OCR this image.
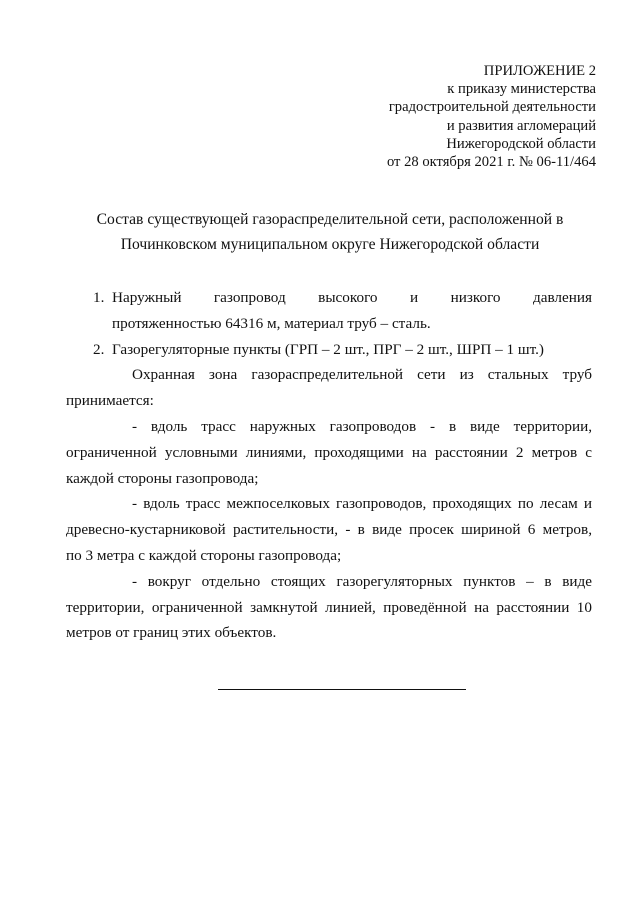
ПРИЛОЖЕНИЕ 2
к приказу министерства
градостроительной деятельности
и развития агломераций
Нижегородской области
от 28 октября 2021 г. № 06-11/464
Состав существующей газораспределительной сети, расположенной в
Починковском муниципальном округе Нижегородской области
1. Наружный газопровод высокого и низкого давления
протяженностью 64316 м, материал труб – сталь.
2. Газорегуляторные пункты (ГРП – 2 шт., ПРГ – 2 шт., ШРП – 1 шт.)
Охранная зона газораспределительной сети из стальных труб
принимается:
- вдоль трасс наружных газопроводов - в виде территории,
ограниченной условными линиями, проходящими на расстоянии 2 метров с
каждой стороны газопровода;
- вдоль трасс межпоселковых газопроводов, проходящих по лесам и
древесно-кустарниковой растительности, - в виде просек шириной 6 метров,
по 3 метра с каждой стороны газопровода;
- вокруг отдельно стоящих газорегуляторных пунктов – в виде
территории, ограниченной замкнутой линией, проведённой на расстоянии 10
метров от границ этих объектов.
